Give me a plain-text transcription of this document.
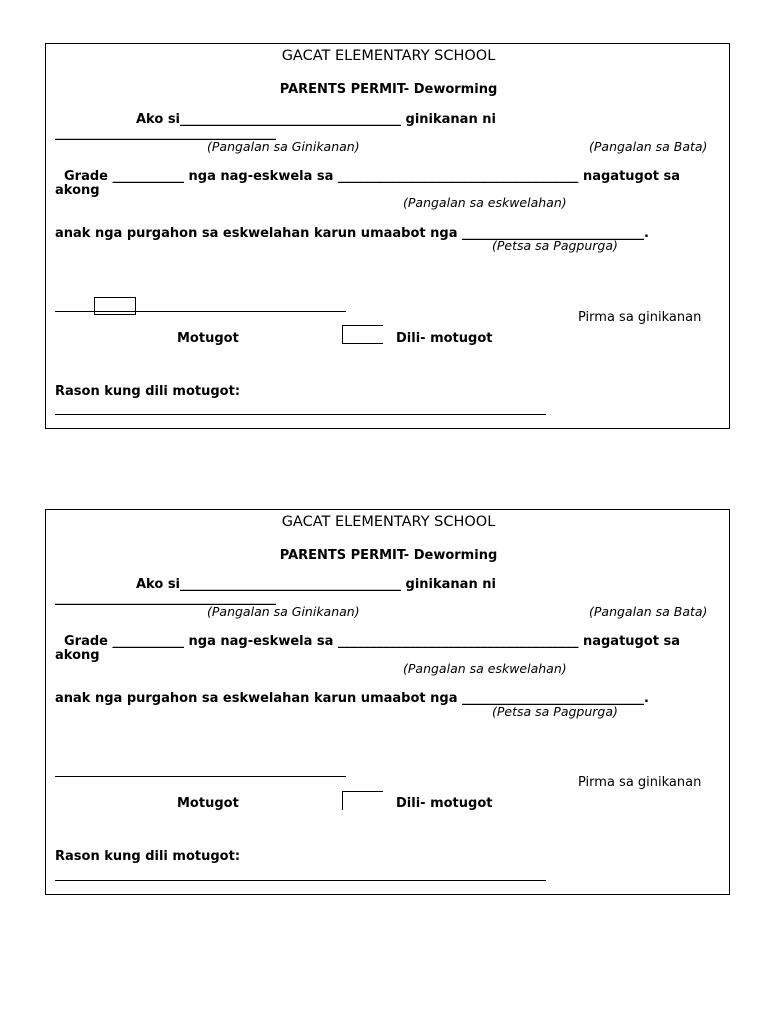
GACAT ELEMENTARY SCHOOL
PARENTS PERMIT- Deworming
Ako si__________________________________ ginikanan ni
__________________________________
(Pangalan sa Ginikanan)	(Pangalan sa Bata)
Grade ___________ nga nag-eskwela sa _____________________________________ nagatugot sa
akong
(Pangalan sa eskwelahan)
anak nga purgahon sa eskwelahan karun umaabot nga ____________________________.
(Petsa sa Pagpurga)
Pirma sa ginikanan
Motugot	Dili- motugot
Rason kung dili motugot:
GACAT ELEMENTARY SCHOOL
PARENTS PERMIT- Deworming
Ako si__________________________________ ginikanan ni
__________________________________
(Pangalan sa Ginikanan)	(Pangalan sa Bata)
Grade ___________ nga nag-eskwela sa _____________________________________ nagatugot sa
akong
(Pangalan sa eskwelahan)
anak nga purgahon sa eskwelahan karun umaabot nga ____________________________.
(Petsa sa Pagpurga)
Pirma sa ginikanan
Motugot	Dili- motugot
Rason kung dili motugot:
